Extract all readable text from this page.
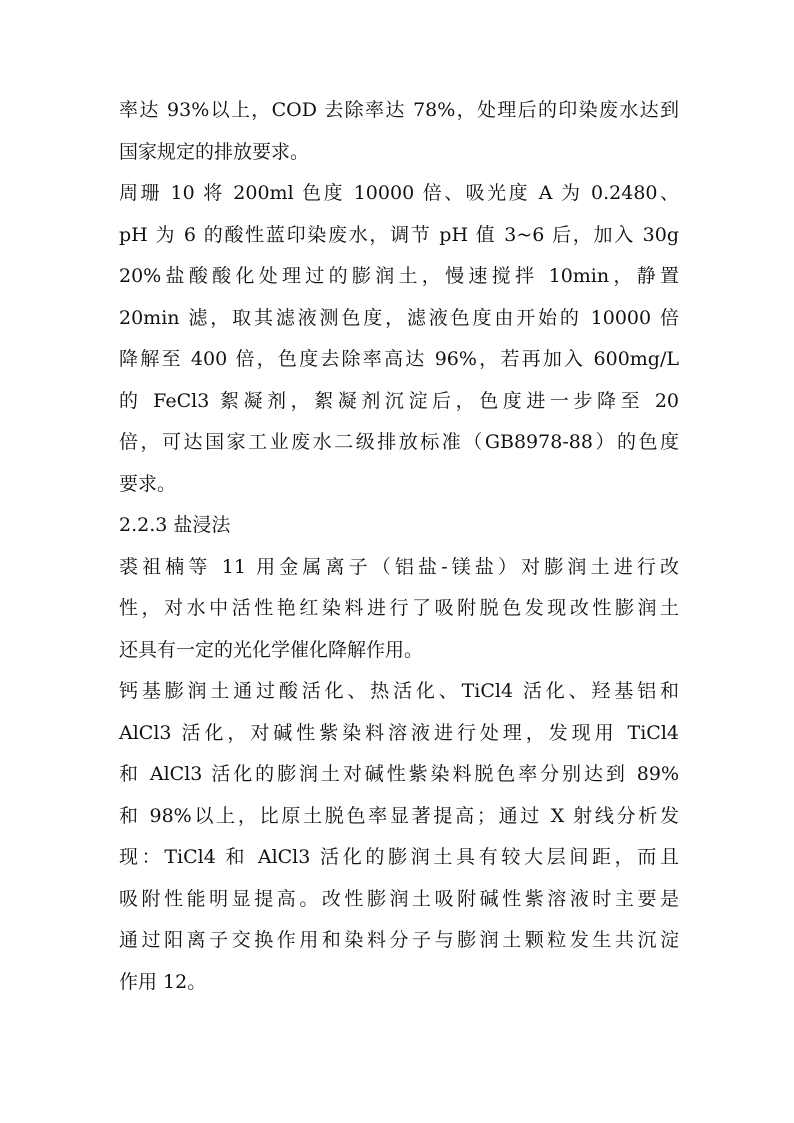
率达 93%以上，COD 去除率达 78%，处理后的印染废水达到
国家规定的排放要求。
周珊 10 将 200ml 色度 10000 倍、吸光度 A 为 0.2480、
pH 为 6 的酸性蓝印染废水，调节 pH 值 3~6 后，加入 30g
20%盐酸酸化处理过的膨润土，慢速搅拌 10min，静置
20min 滤，取其滤液测色度，滤液色度由开始的 10000 倍
降解至 400 倍，色度去除率高达 96%，若再加入 600mg/L
的 FeCl3 絮凝剂，絮凝剂沉淀后，色度进一步降至 20
倍，可达国家工业废水二级排放标准（GB8978-88）的色度
要求。
2.2.3 盐浸法
裘祖楠等 11 用金属离子（铝盐-镁盐）对膨润土进行改
性，对水中活性艳红染料进行了吸附脱色发现改性膨润土
还具有一定的光化学催化降解作用。
钙基膨润土通过酸活化、热活化、TiCl4 活化、羟基铝和
AlCl3 活化，对碱性紫染料溶液进行处理，发现用 TiCl4
和 AlCl3 活化的膨润土对碱性紫染料脱色率分别达到 89%
和 98%以上，比原土脱色率显著提高；通过 X 射线分析发
现：TiCl4 和 AlCl3 活化的膨润土具有较大层间距，而且
吸附性能明显提高。改性膨润土吸附碱性紫溶液时主要是
通过阳离子交换作用和染料分子与膨润土颗粒发生共沉淀
作用 12。
